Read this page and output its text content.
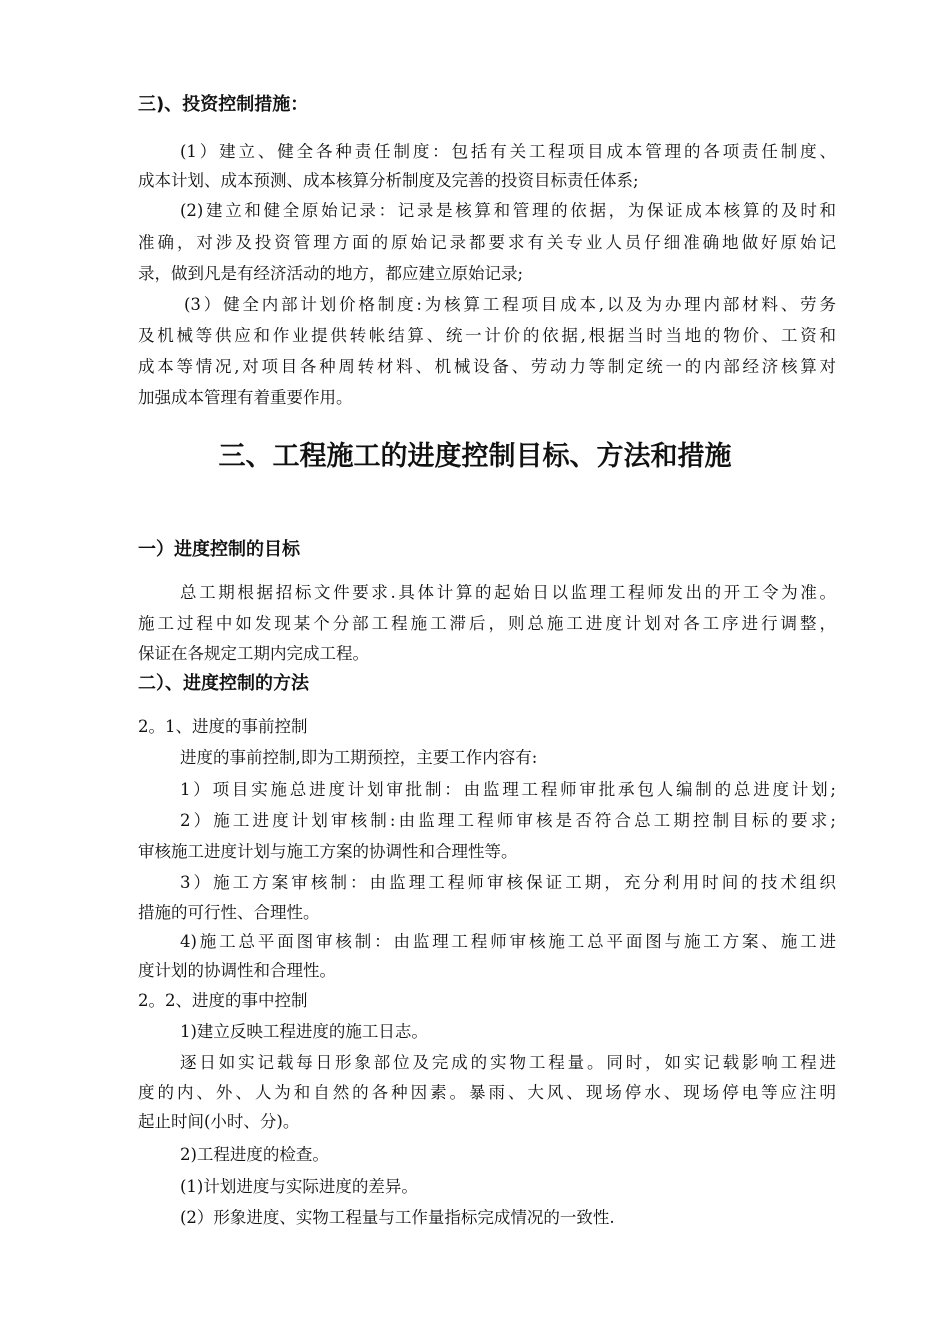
三)、投资控制措施：
(1）建立、健全各种责任制度：包括有关工程项目成本管理的各项责任制度、
成本计划、成本预测、成本核算分析制度及完善的投资目标责任体系;
(2)建立和健全原始记录：记录是核算和管理的依据，为保证成本核算的及时和
准确，对涉及投资管理方面的原始记录都要求有关专业人员仔细准确地做好原始记
录，做到凡是有经济活动的地方，都应建立原始记录;
(3）健全内部计划价格制度:为核算工程项目成本,以及为办理内部材料、劳务
及机械等供应和作业提供转帐结算、统一计价的依据,根据当时当地的物价、工资和
成本等情况,对项目各种周转材料、机械设备、劳动力等制定统一的内部经济核算对
加强成本管理有着重要作用。
三、工程施工的进度控制目标、方法和措施
一）进度控制的目标
总工期根据招标文件要求.具体计算的起始日以监理工程师发出的开工令为准。
施工过程中如发现某个分部工程施工滞后，则总施工进度计划对各工序进行调整，
保证在各规定工期内完成工程。
二）、进度控制的方法
2。1、进度的事前控制
进度的事前控制,即为工期预控，主要工作内容有:
1）项目实施总进度计划审批制：由监理工程师审批承包人编制的总进度计划;
2）施工进度计划审核制:由监理工程师审核是否符合总工期控制目标的要求;
审核施工进度计划与施工方案的协调性和合理性等。
3）施工方案审核制：由监理工程师审核保证工期，充分利用时间的技术组织
措施的可行性、合理性。
4)施工总平面图审核制：由监理工程师审核施工总平面图与施工方案、施工进
度计划的协调性和合理性。
2。2、进度的事中控制
1)建立反映工程进度的施工日志。
逐日如实记载每日形象部位及完成的实物工程量。同时，如实记载影响工程进
度的内、外、人为和自然的各种因素。暴雨、大风、现场停水、现场停电等应注明
起止时间(小时、分)。
2)工程进度的检查。
(1)计划进度与实际进度的差异。
(2）形象进度、实物工程量与工作量指标完成情况的一致性.
